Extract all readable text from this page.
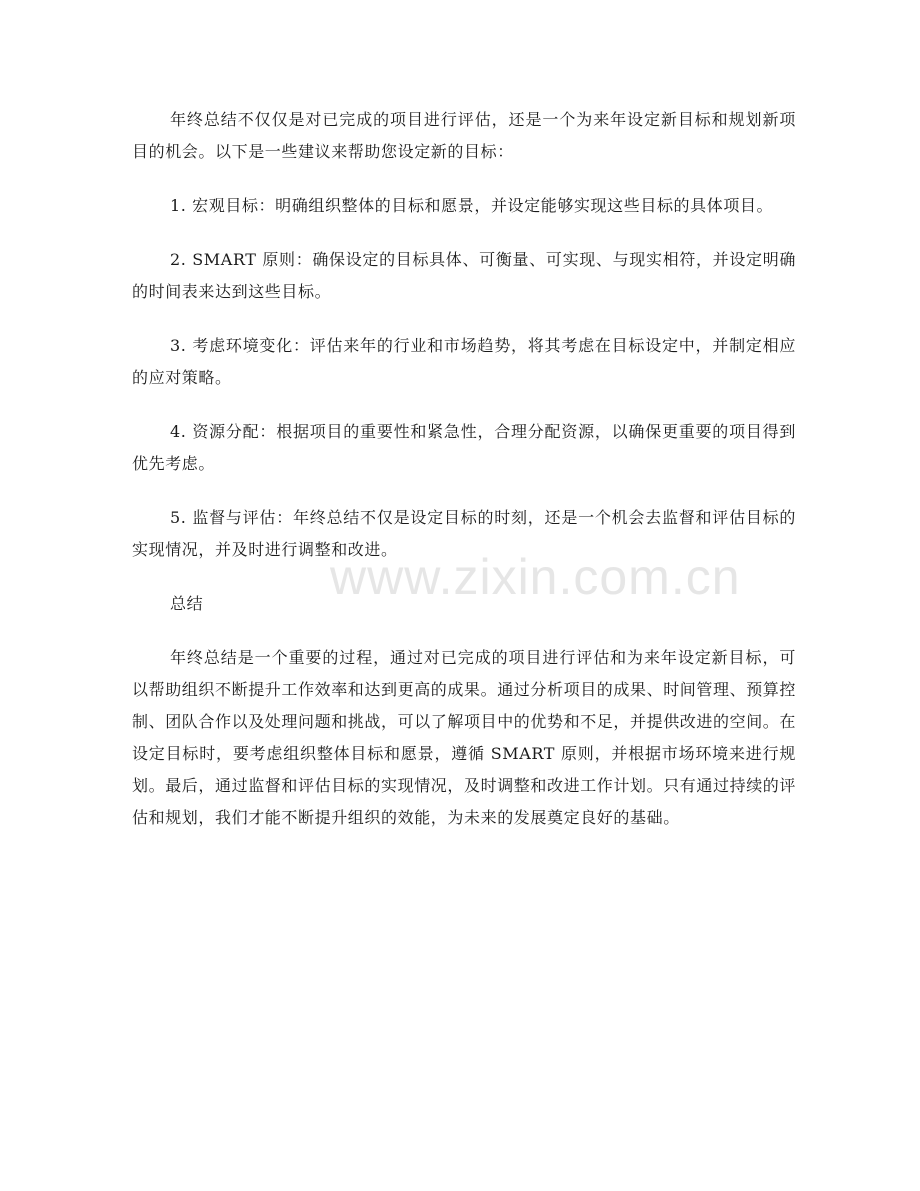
www.zixin.com.cn

年终总结不仅仅是对已完成的项目进行评估，还是一个为来年设定新目标和规划新项目的机会。以下是一些建议来帮助您设定新的目标：

1. 宏观目标：明确组织整体的目标和愿景，并设定能够实现这些目标的具体项目。

2. SMART 原则：确保设定的目标具体、可衡量、可实现、与现实相符，并设定明确的时间表来达到这些目标。

3. 考虑环境变化：评估来年的行业和市场趋势，将其考虑在目标设定中，并制定相应的应对策略。

4. 资源分配：根据项目的重要性和紧急性，合理分配资源，以确保更重要的项目得到优先考虑。

5. 监督与评估：年终总结不仅是设定目标的时刻，还是一个机会去监督和评估目标的实现情况，并及时进行调整和改进。

总结

年终总结是一个重要的过程，通过对已完成的项目进行评估和为来年设定新目标，可以帮助组织不断提升工作效率和达到更高的成果。通过分析项目的成果、时间管理、预算控制、团队合作以及处理问题和挑战，可以了解项目中的优势和不足，并提供改进的空间。在设定目标时，要考虑组织整体目标和愿景，遵循 SMART 原则，并根据市场环境来进行规划。最后，通过监督和评估目标的实现情况，及时调整和改进工作计划。只有通过持续的评估和规划，我们才能不断提升组织的效能，为未来的发展奠定良好的基础。
